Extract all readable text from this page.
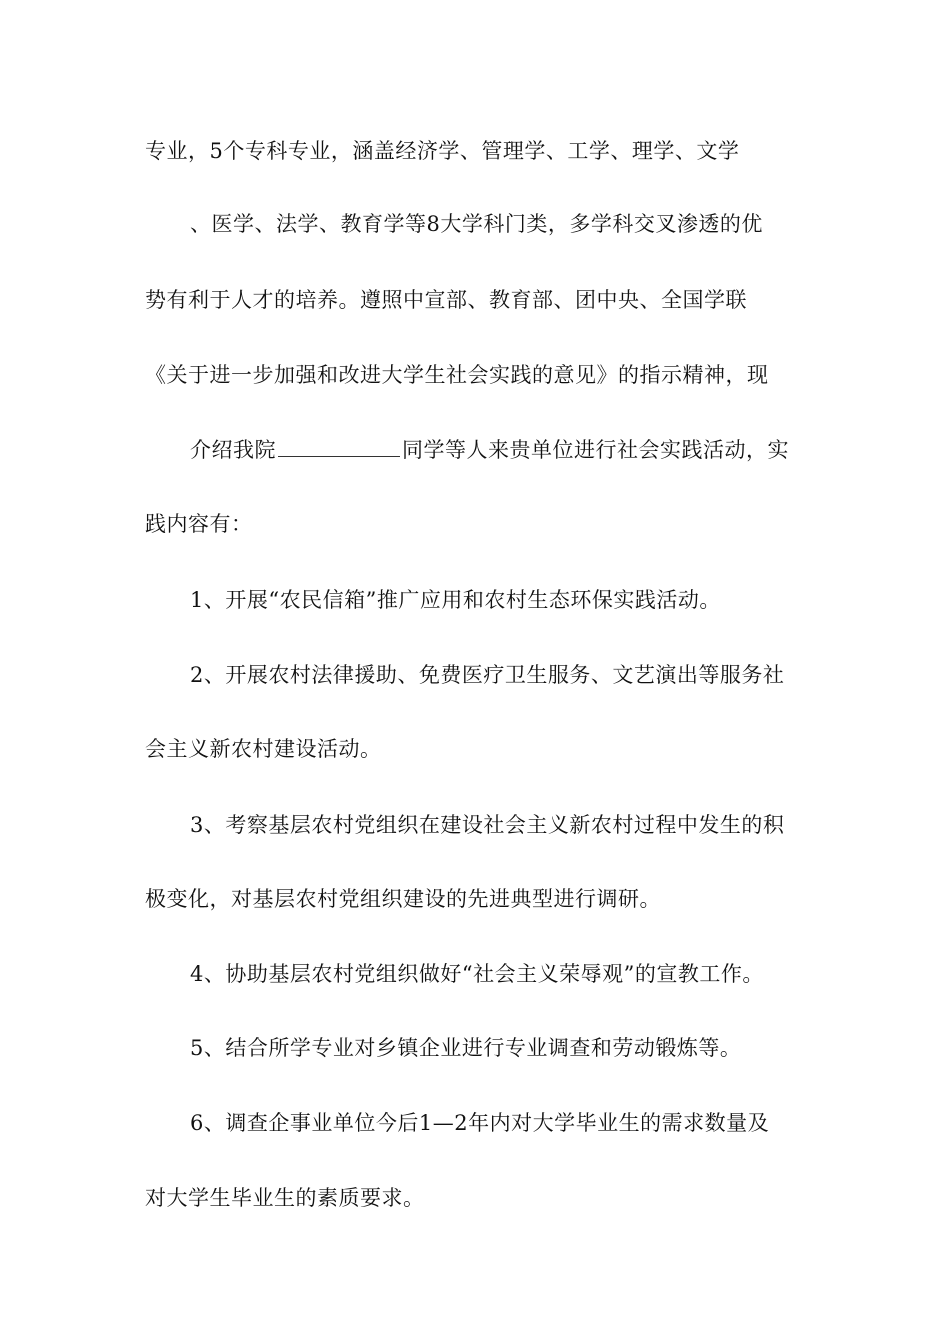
专业，5个专科专业，涵盖经济学、管理学、工学、理学、文学
、医学、法学、教育学等8大学科门类，多学科交叉渗透的优
势有利于人才的培养。遵照中宣部、教育部、团中央、全国学联
《关于进一步加强和改进大学生社会实践的意见》的指示精神，现
介绍我院	同学等人来贵单位进行社会实践活动，实
践内容有：
1、开展“农民信箱”推广应用和农村生态环保实践活动。
2、开展农村法律援助、免费医疗卫生服务、文艺演出等服务社
会主义新农村建设活动。
3、考察基层农村党组织在建设社会主义新农村过程中发生的积
极变化，对基层农村党组织建设的先进典型进行调研。
4、协助基层农村党组织做好“社会主义荣辱观”的宣教工作。
5、结合所学专业对乡镇企业进行专业调查和劳动锻炼等。
6、调查企事业单位今后1—2年内对大学毕业生的需求数量及
对大学生毕业生的素质要求。
